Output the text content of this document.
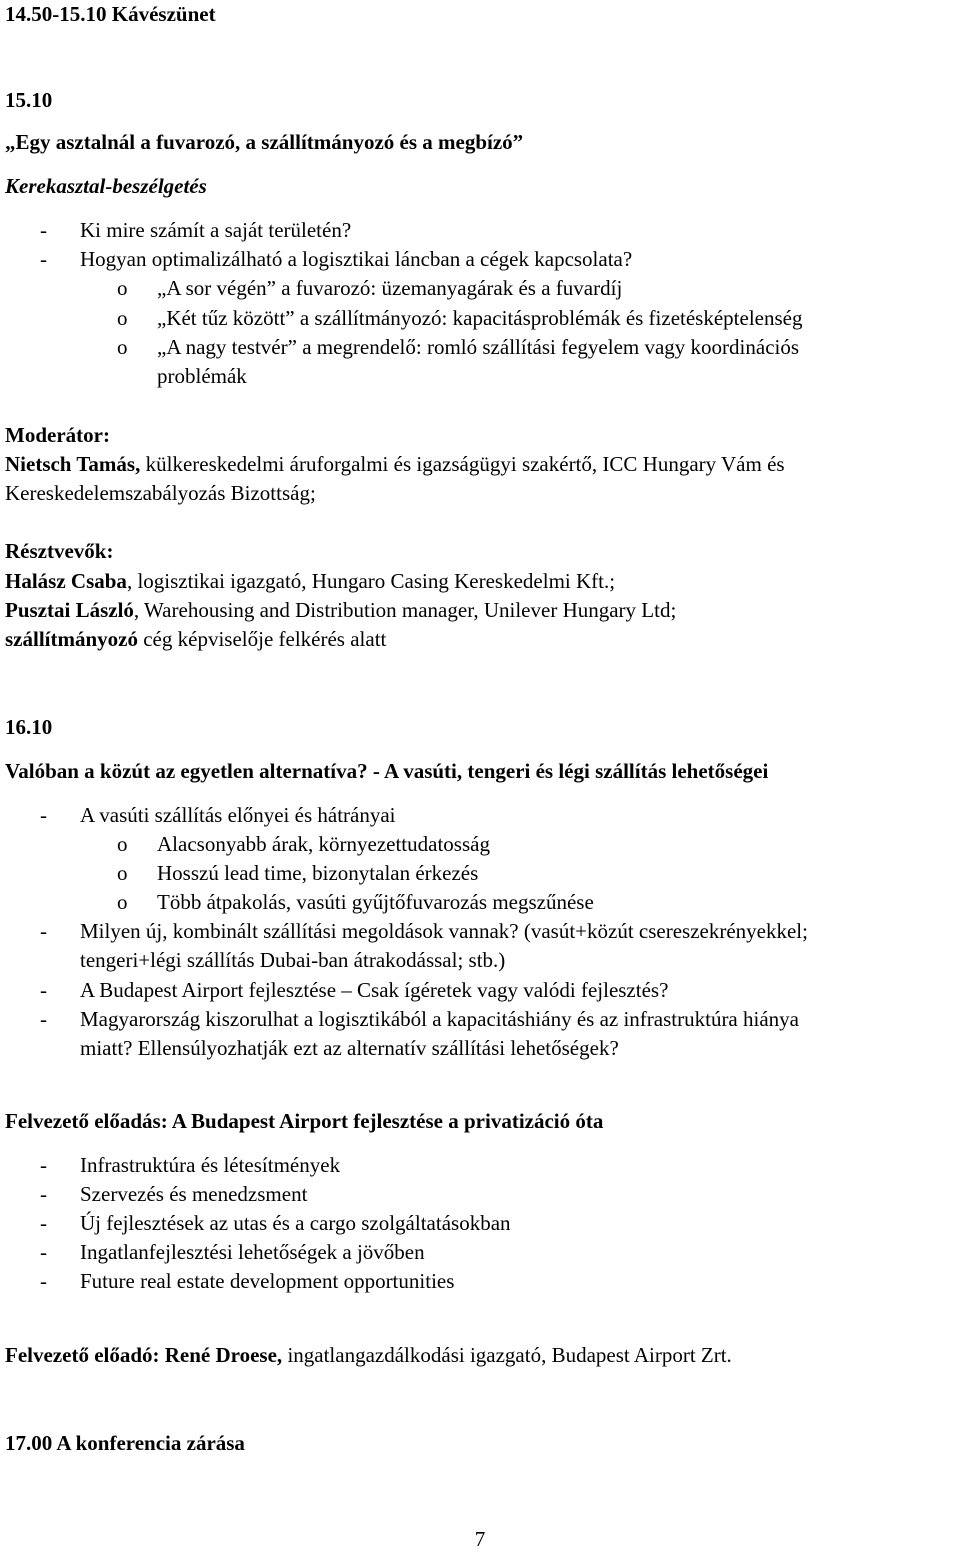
14.50-15.10 Kávészünet
15.10
„Egy asztalnál a fuvarozó, a szállítmányozó és a megbízó”
Kerekasztal-beszélgetés
- Ki mire számít a saját területén?
- Hogyan optimalizálható a logisztikai láncban a cégek kapcsolata?
o „A sor végén” a fuvarozó: üzemanyagárak és a fuvardíj
o „Két tűz között” a szállítmányozó: kapacitásproblémák és fizetésképtelenség
o „A nagy testvér” a megrendelő: romló szállítási fegyelem vagy koordinációs
problémák
Moderátor:
Nietsch Tamás, külkereskedelmi áruforgalmi és igazságügyi szakértő, ICC Hungary Vám és
Kereskedelemszabályozás Bizottság;
Résztvevők:
Halász Csaba, logisztikai igazgató, Hungaro Casing Kereskedelmi Kft.;
Pusztai László, Warehousing and Distribution manager, Unilever Hungary Ltd;
szállítmányozó cég képviselője felkérés alatt
16.10
Valóban a közút az egyetlen alternatíva? - A vasúti, tengeri és légi szállítás lehetőségei
- A vasúti szállítás előnyei és hátrányai
o Alacsonyabb árak, környezettudatosság
o Hosszú lead time, bizonytalan érkezés
o Több átpakolás, vasúti gyűjtőfuvarozás megszűnése
- Milyen új, kombinált szállítási megoldások vannak? (vasút+közút csereszekrényekkel;
tengeri+légi szállítás Dubai-ban átrakodással; stb.)
- A Budapest Airport fejlesztése – Csak ígéretek vagy valódi fejlesztés?
- Magyarország kiszorulhat a logisztikából a kapacitáshiány és az infrastruktúra hiánya
miatt? Ellensúlyozhatják ezt az alternatív szállítási lehetőségek?
Felvezető előadás: A Budapest Airport fejlesztése a privatizáció óta
- Infrastruktúra és létesítmények
- Szervezés és menedzsment
- Új fejlesztések az utas és a cargo szolgáltatásokban
- Ingatlanfejlesztési lehetőségek a jövőben
- Future real estate development opportunities
Felvezető előadó: René Droese, ingatlangazdálkodási igazgató, Budapest Airport Zrt.
17.00 A konferencia zárása
7
